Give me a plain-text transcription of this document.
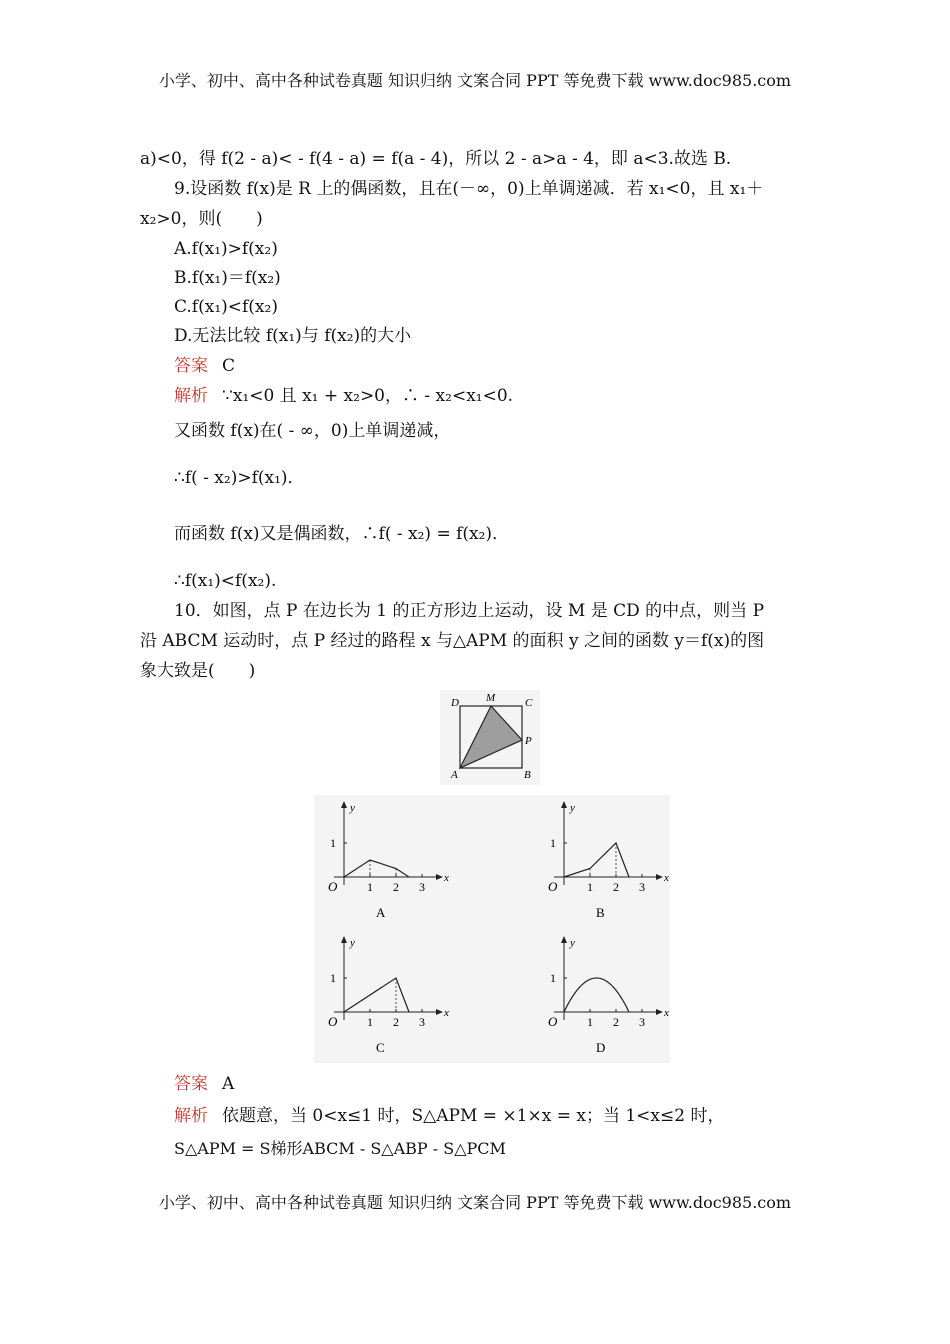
小学、初中、高中各种试卷真题 知识归纳 文案合同 PPT 等免费下载 www.doc985.com
a)<0，得 f(2 - a)< - f(4 - a) = f(a - 4)，所以 2 - a>a - 4，即 a<3.故选 B.
9.设函数 f(x)是 R 上的偶函数，且在(－∞，0)上单调递减．若 x₁<0，且 x₁＋
x₂>0，则(　　)
A.f(x₁)>f(x₂)
B.f(x₁)＝f(x₂)
C.f(x₁)<f(x₂)
D.无法比较 f(x₁)与 f(x₂)的大小
答案 C
解析 ∵x₁<0 且 x₁ + x₂>0，∴ - x₂<x₁<0.
又函数 f(x)在( - ∞，0)上单调递减，
∴f( - x₂)>f(x₁)．
而函数 f(x)又是偶函数，∴f( - x₂) = f(x₂)．
∴f(x₁)<f(x₂).
10．如图，点 P 在边长为 1 的正方形边上运动，设 M 是 CD 的中点，则当 P
沿 ABCM 运动时，点 P 经过的路程 x 与△APM 的面积 y 之间的函数 y＝f(x)的图
象大致是(　　)
D M	C
P
A	B
y
x
O
1
1 2 3
A
y
x
O
1
1 2 3
B
y
x
O
1
1 2 3
C
y
x
O
1
1 2 3
D
答案 A
解析 依题意，当 0<x≤1 时，S△APM = ×1×x = x；当 1<x≤2 时，
S△APM = S梯形ABCM - S△ABP - S△PCM
小学、初中、高中各种试卷真题 知识归纳 文案合同 PPT 等免费下载 www.doc985.com
